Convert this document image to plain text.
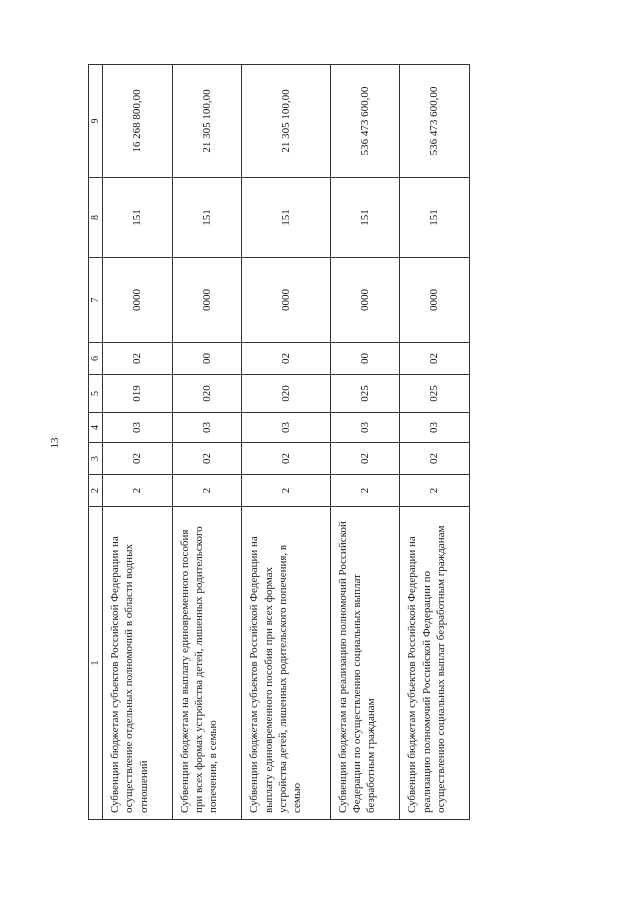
13
1	2	3	4	5	6	7	8	9
Субвенции бюджетам субъектов Российской Федерации на осуществление отдельных полномочий в области водных отношений	2	02	03	019	02	0000	151	16 268 800,00
Субвенции бюджетам на выплату единовременного пособия при всех формах устройства детей, лишенных родительского попечения, в семью	2	02	03	020	00	0000	151	21 305 100,00
Субвенции бюджетам субъектов Российской Федерации на выплату единовременного пособия при всех формах устройства детей, лишенных родительского попечения, в семью	2	02	03	020	02	0000	151	21 305 100,00
Субвенции бюджетам на реализацию полномочий Российской Федерации по осуществлению социальных выплат безработным гражданам	2	02	03	025	00	0000	151	536 473 600,00
Субвенции бюджетам субъектов Российской Федерации на реализацию полномочий Российской Федерации по осуществлению социальных выплат безработным гражданам	2	02	03	025	02	0000	151	536 473 600,00
